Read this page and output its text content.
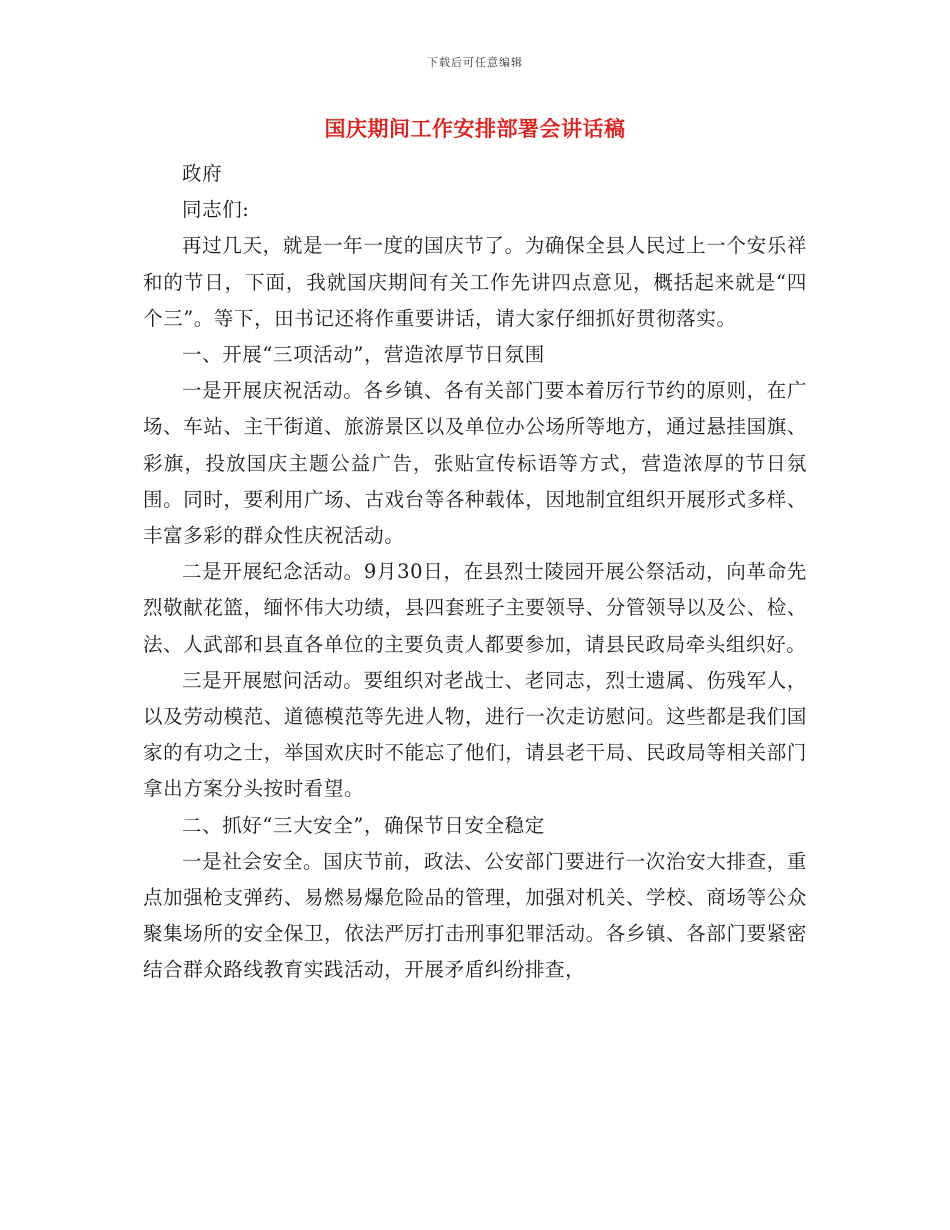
下载后可任意编辑
国庆期间工作安排部署会讲话稿

政府

同志们:

再过几天，就是一年一度的国庆节了。为确保全县人民过上一个安乐祥和的节日，下面，我就国庆期间有关工作先讲四点意见，概括起来就是“四个三”。等下，田书记还将作重要讲话，请大家仔细抓好贯彻落实。

一、开展“三项活动”，营造浓厚节日氛围

一是开展庆祝活动。各乡镇、各有关部门要本着厉行节约的原则，在广场、车站、主干街道、旅游景区以及单位办公场所等地方，通过悬挂国旗、彩旗，投放国庆主题公益广告，张贴宣传标语等方式，营造浓厚的节日氛围。同时，要利用广场、古戏台等各种载体，因地制宜组织开展形式多样、丰富多彩的群众性庆祝活动。

二是开展纪念活动。9月30日，在县烈士陵园开展公祭活动，向革命先烈敬献花篮，缅怀伟大功绩，县四套班子主要领导、分管领导以及公、检、法、人武部和县直各单位的主要负责人都要参加，请县民政局牵头组织好。

三是开展慰问活动。要组织对老战士、老同志，烈士遗属、伤残军人，以及劳动模范、道德模范等先进人物，进行一次走访慰问。这些都是我们国家的有功之士，举国欢庆时不能忘了他们，请县老干局、民政局等相关部门拿出方案分头按时看望。

二、抓好“三大安全”，确保节日安全稳定

一是社会安全。国庆节前，政法、公安部门要进行一次治安大排查，重点加强枪支弹药、易燃易爆危险品的管理，加强对机关、学校、商场等公众聚集场所的安全保卫，依法严厉打击刑事犯罪活动。各乡镇、各部门要紧密结合群众路线教育实践活动，开展矛盾纠纷排查，
